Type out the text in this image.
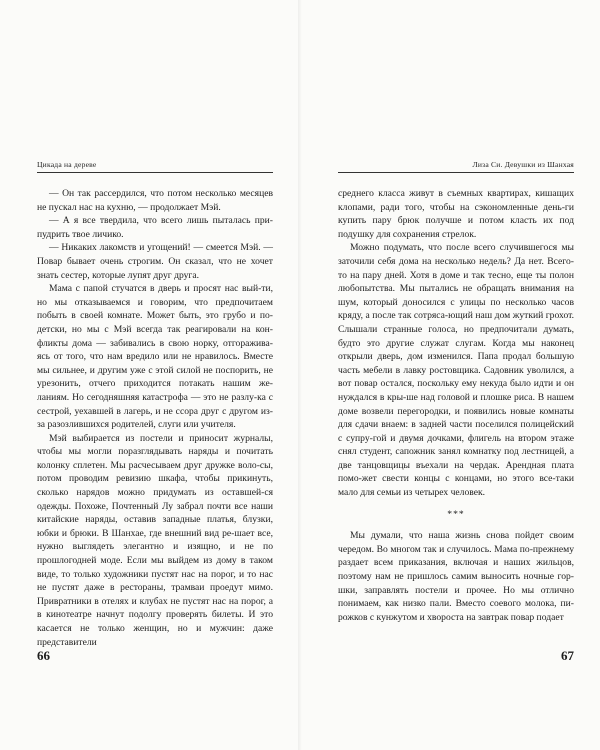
Цикада на дереве

— Он так рассердился, что потом несколько месяцев не пускал нас на кухню, — продолжает Мэй.

— А я все твердила, что всего лишь пыталась при-пудрить твое личико.

— Никаких лакомств и угощений! — смеется Мэй. — Повар бывает очень строгим. Он сказал, что не хочет знать сестер, которые лупят друг друга.

Мама с папой стучатся в дверь и просят нас вый-ти, но мы отказываемся и говорим, что предпочитаем побыть в своей комнате. Может быть, это грубо и по-детски, но мы с Мэй всегда так реагировали на кон-фликты дома — забивались в свою норку, отгоражива-ясь от того, что нам вредило или не нравилось. Вместе мы сильнее, и другим уже с этой силой не поспорить, не урезонить, отчего приходится потакать нашим же-ланиям. Но сегодняшняя катастрофа — это не разлу-ка с сестрой, уехавшей в лагерь, и не ссора друг с другом из-за разозлившихся родителей, слуги или учителя.

Мэй выбирается из постели и приносит журналы, чтобы мы могли поразглядывать наряды и почитать колонку сплетен. Мы расчесываем друг дружке воло-сы, потом проводим ревизию шкафа, чтобы прикинуть, сколько нарядов можно придумать из оставшей-ся одежды. Похоже, Почтенный Лу забрал почти все наши китайские наряды, оставив западные платья, блузки, юбки и брюки. В Шанхае, где внешний вид ре-шает все, нужно выглядеть элегантно и изящно, и не по прошлогодней моде. Если мы выйдем из дому в таком виде, то только художники пустят нас на порог, и то нас не пустят даже в рестораны, трамваи проедут мимо. Привратники в отелях и клубах не пустят нас на порог, а в кинотеатре начнут подолгу проверять билеты. И это касается не только женщин, но и мужчин: даже представители

66
Лиза Си. Девушки из Шанхая

среднего класса живут в съемных квартирах, кишащих клопами, ради того, чтобы на сэкономленные день-ги купить пару брюк получше и потом класть их под подушку для сохранения стрелок.

Можно подумать, что после всего случившегося мы заточили себя дома на несколько недель? Да нет. Всего-то на пару дней. Хотя в доме и так тесно, еще ты полон любопытства. Мы пытались не обращать внимания на шум, который доносился с улицы по несколько часов кряду, а после так сотряса-ющий наш дом жуткий грохот. Слышали странные голоса, но предпочитали думать, будто это другие служат слугам. Когда мы наконец открыли дверь, дом изменился. Папа продал большую часть мебели в лавку ростовщика. Садовник уволился, а вот повар остался, поскольку ему некуда было идти и он нуждался в кры-ше над головой и плошке риса. В нашем доме возвели перегородки, и появились новые комнаты для сдачи внаем: в задней части поселился полицейский с супру-гой и двумя дочками, флигель на втором этаже снял студент, сапожник занял комнатку под лестницей, а две танцовщицы въехали на чердак. Арендная плата помо-жет свести концы с концами, но этого все-таки мало для семьи из четырех человек.

***

Мы думали, что наша жизнь снова пойдет своим чередом. Во многом так и случилось. Мама по-прежнему раздает всем приказания, включая и наших жильцов, поэтому нам не пришлось самим выносить ночные гор-шки, заправлять постели и прочее. Но мы отлично понимаем, как низко пали. Вместо соевого молока, пи-рожков с кунжутом и хвороста на завтрак повар подает

67
